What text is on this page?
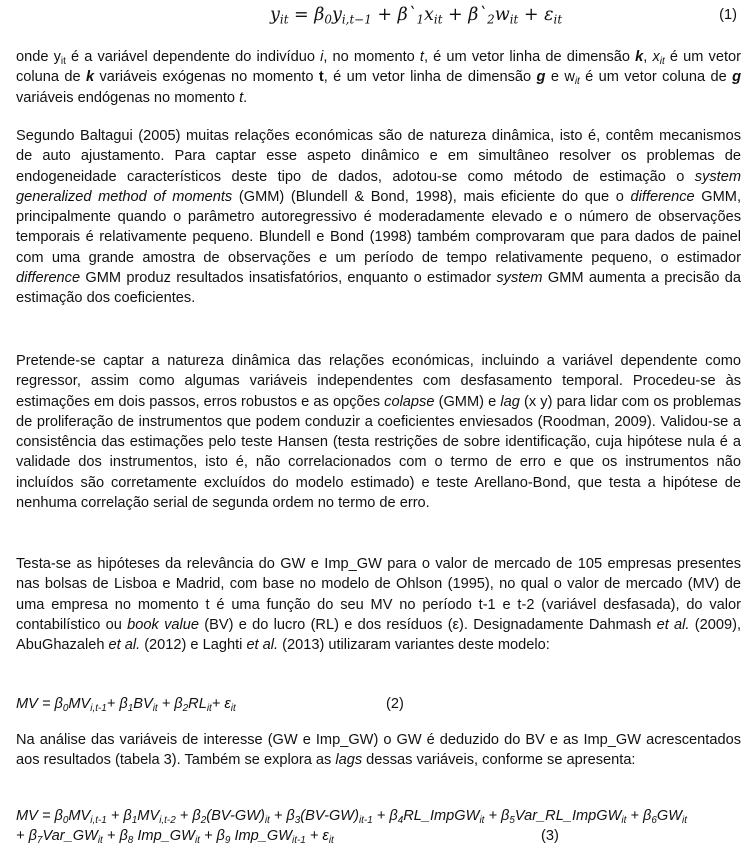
$y_{it} = \beta_0y_{i,t-1}$ + $\beta`_1x_{it}$ + $\beta`_2w_{it} + \varepsilon_{it}$	(1)

onde $y_{it}$ é a variável dependente do indivíduo i, no momento t, é um vetor linha de dimensão k, $x_{it}$ é um vetor coluna de k variáveis exógenas no momento t, é um vetor linha de dimensão g e $w_{it}$ é um vetor coluna de g variáveis endógenas no momento t.

Segundo Baltagui (2005) muitas relações económicas são de natureza dinâmica, isto é, contêm mecanismos de auto ajustamento. Para captar esse aspeto dinâmico e em simultâneo resolver os problemas de endogeneidade característicos deste tipo de dados, adotou-se como método de estimação o system generalized method of moments (GMM) (Blundell & Bond, 1998), mais eficiente do que o difference GMM, principalmente quando o parâmetro autoregressivo é moderadamente elevado e o número de observações temporais é relativamente pequeno. Blundell e Bond (1998) também comprovaram que para dados de painel com uma grande amostra de observações e um período de tempo relativamente pequeno, o estimador difference GMM produz resultados insatisfatórios, enquanto o estimador system GMM aumenta a precisão da estimação dos coeficientes.

Pretende-se captar a natureza dinâmica das relações económicas, incluindo a variável dependente como regressor, assim como algumas variáveis independentes com desfasamento temporal. Procedeu-se às estimações em dois passos, erros robustos e as opções colapse (GMM) e lag (x y) para lidar com os problemas de proliferação de instrumentos que podem conduzir a coeficientes enviesados (Roodman, 2009). Validou-se a consistência das estimações pelo teste Hansen (testa restrições de sobre identificação, cuja hipótese nula é a validade dos instrumentos, isto é, não correlacionados com o termo de erro e que os instrumentos não incluídos são corretamente excluídos do modelo estimado) e teste Arellano-Bond, que testa a hipótese de nenhuma correlação serial de segunda ordem no termo de erro.

Testa-se as hipóteses da relevância do GW e Imp_GW para o valor de mercado de 105 empresas presentes nas bolsas de Lisboa e Madrid, com base no modelo de Ohlson (1995), no qual o valor de mercado (MV) de uma empresa no momento t é uma função do seu MV no período t-1 e t-2 (variável desfasada), do valor contabilístico ou book value (BV) e do lucro (RL) e dos resíduos (ε). Designadamente Dahmash et al. (2009), AbuGhazaleh et al. (2012) e Laghti et al. (2013) utilizaram variantes deste modelo:

MV = $\beta_0MV_{i,t-1}+ \beta_1BV_{it} + \beta_2RL_{it}+ \varepsilon_{it}$	(2)

Na análise das variáveis de interesse (GW e Imp_GW) o GW é deduzido do BV e as Imp_GW acrescentados aos resultados (tabela 3). Também se explora as lags dessas variáveis, conforme se apresenta:

MV = $\beta_0MV_{i,t-1} + \beta_1MV_{i,t-2} + \beta_2(BV-GW)_{it} + \beta_3(BV-GW)_{it-1}$ + $\beta_4RL\_ImpGW_{it}$ + $\beta_5Var\_RL\_ImpGW_{it} + \beta_6GW_{it}$
+ $\beta_7Var\_GW_{it} + \beta_8$ $Imp\_GW_{it} + \beta_9$ $Imp\_GW_{it-1} + \varepsilon_{it}$	(3)
